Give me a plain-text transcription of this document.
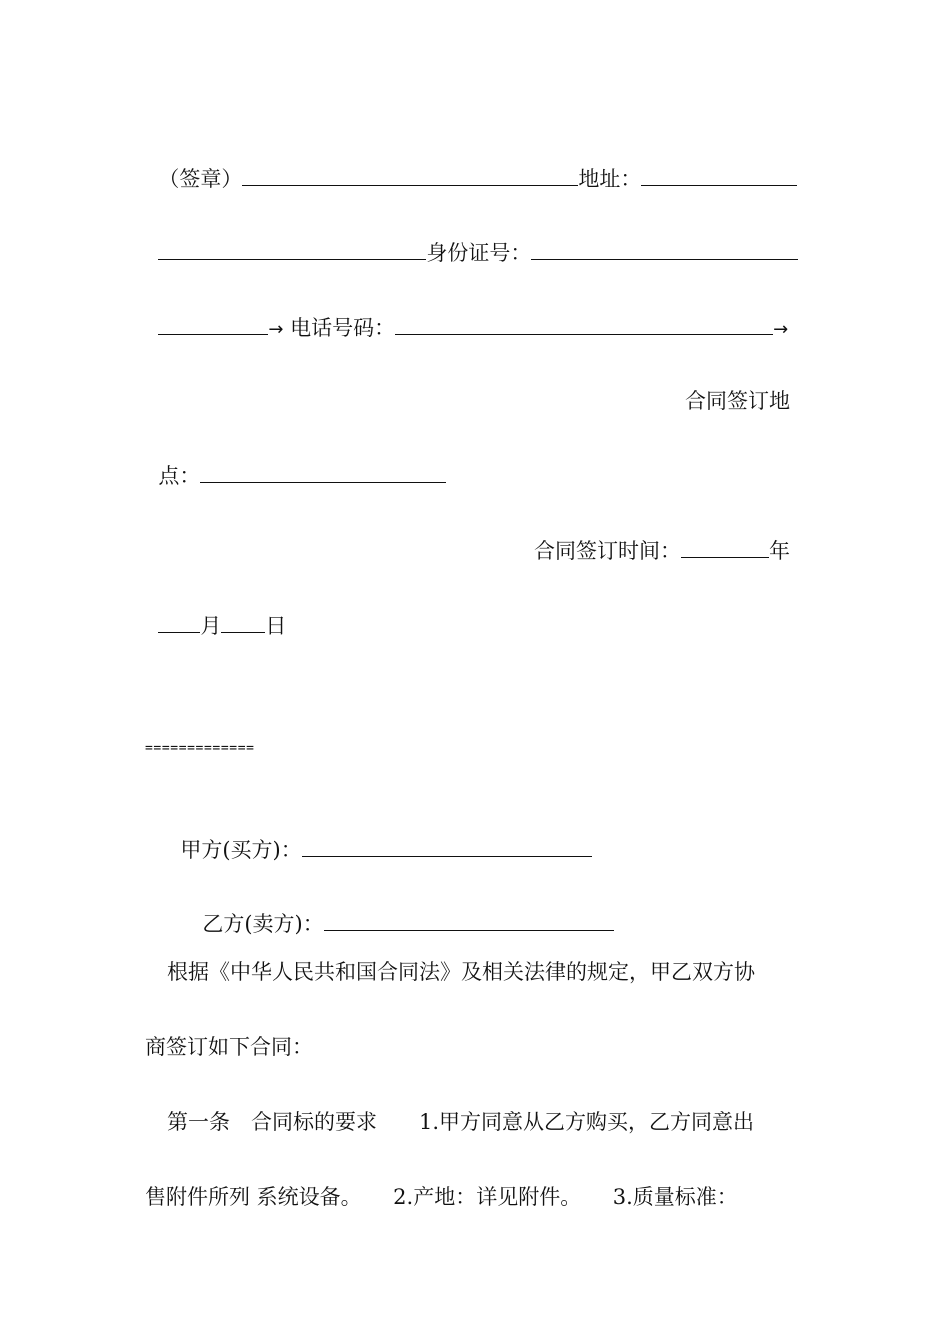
（签章）	地址：

身份证号：

→ 电话号码：	→

合同签订地

点：

合同签订时间：	年

月 日

=============

甲方(买方)：

乙方(卖方)：

根据《中华人民共和国合同法》及相关法律的规定，甲乙双方协
商签订如下合同：
第一条　合同标的要求　　1.甲方同意从乙方购买，乙方同意出
售附件所列 系统设备。　　2.产地：详见附件。　　3.质量标准：
